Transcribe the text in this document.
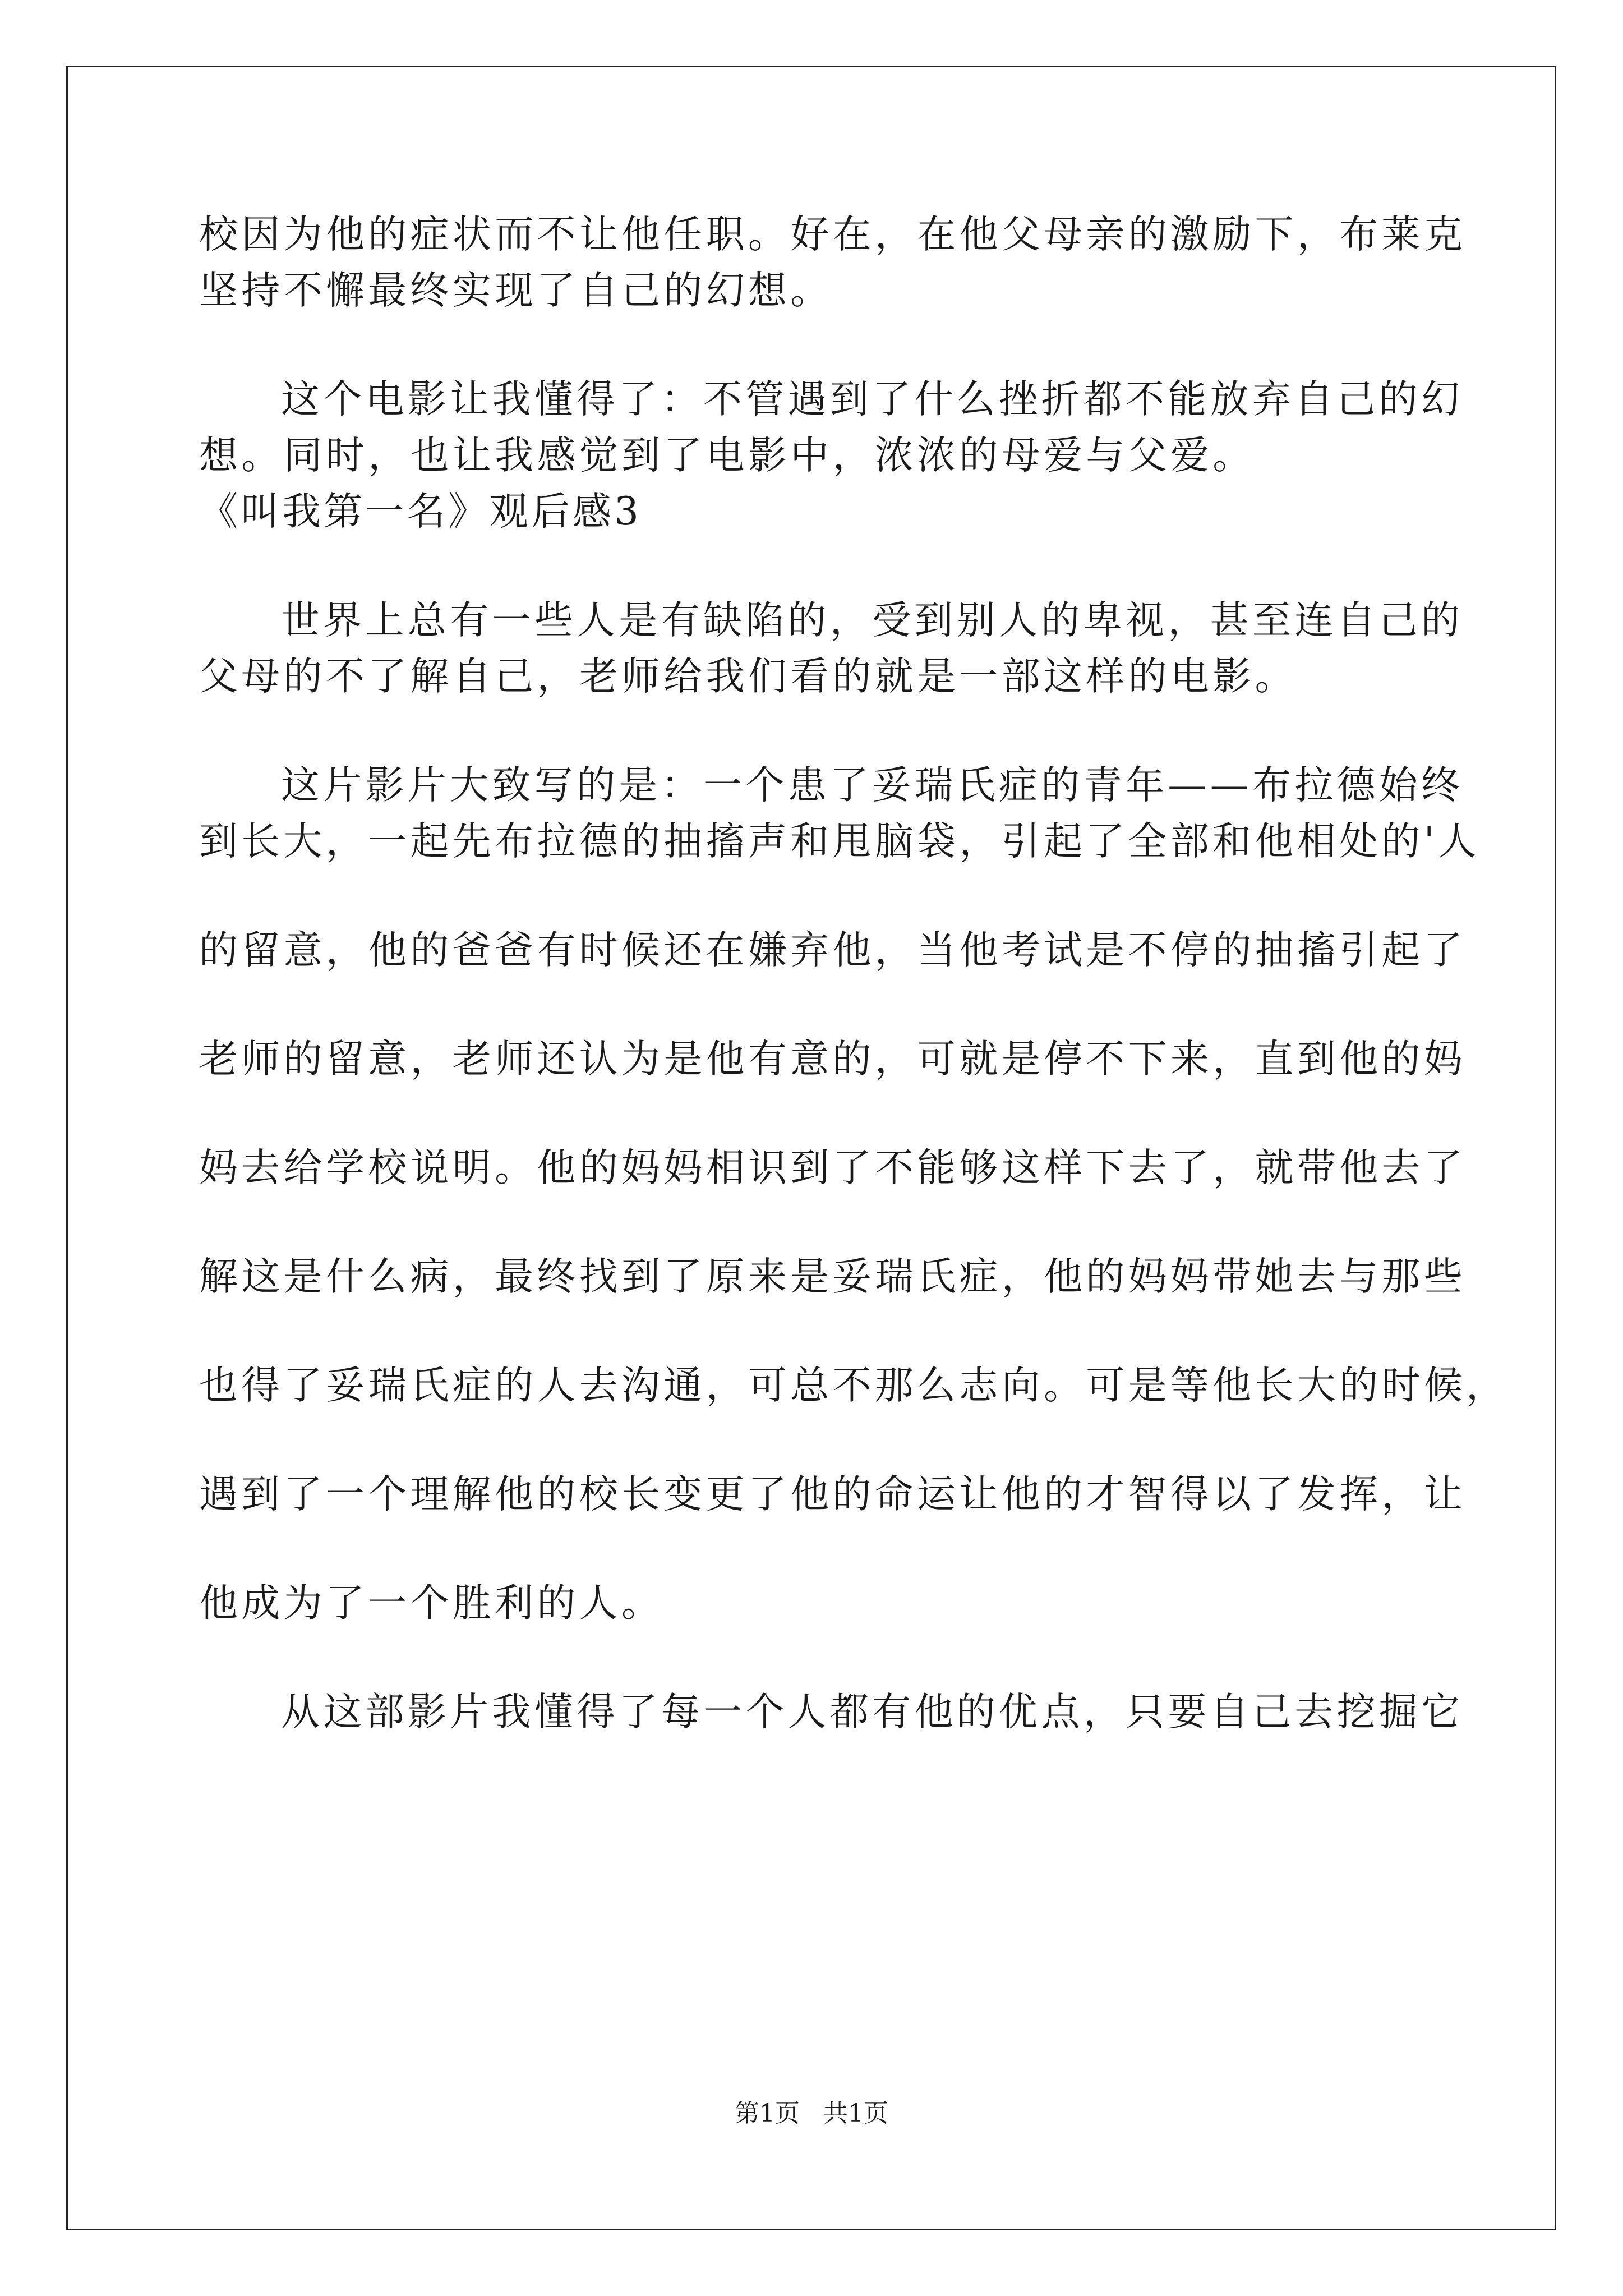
校因为他的症状而不让他任职。好在，在他父母亲的激励下，布莱克

坚持不懈最终实现了自己的幻想。

这个电影让我懂得了：不管遇到了什么挫折都不能放弃自己的幻

想。同时，也让我感觉到了电影中，浓浓的母爱与父爱。

《叫我第一名》观后感3

世界上总有一些人是有缺陷的，受到别人的卑视，甚至连自己的

父母的不了解自己，老师给我们看的就是一部这样的电影。

这片影片大致写的是：一个患了妥瑞氏症的青年——布拉德始终

到长大，一起先布拉德的抽搐声和甩脑袋，引起了全部和他相处的'人

的留意，他的爸爸有时候还在嫌弃他，当他考试是不停的抽搐引起了

老师的留意，老师还认为是他有意的，可就是停不下来，直到他的妈

妈去给学校说明。他的妈妈相识到了不能够这样下去了，就带他去了

解这是什么病，最终找到了原来是妥瑞氏症，他的妈妈带她去与那些

也得了妥瑞氏症的人去沟通，可总不那么志向。可是等他长大的时候，

遇到了一个理解他的校长变更了他的命运让他的才智得以了发挥，让

他成为了一个胜利的人。

从这部影片我懂得了每一个人都有他的优点，只要自己去挖掘它

第1页   共1页
